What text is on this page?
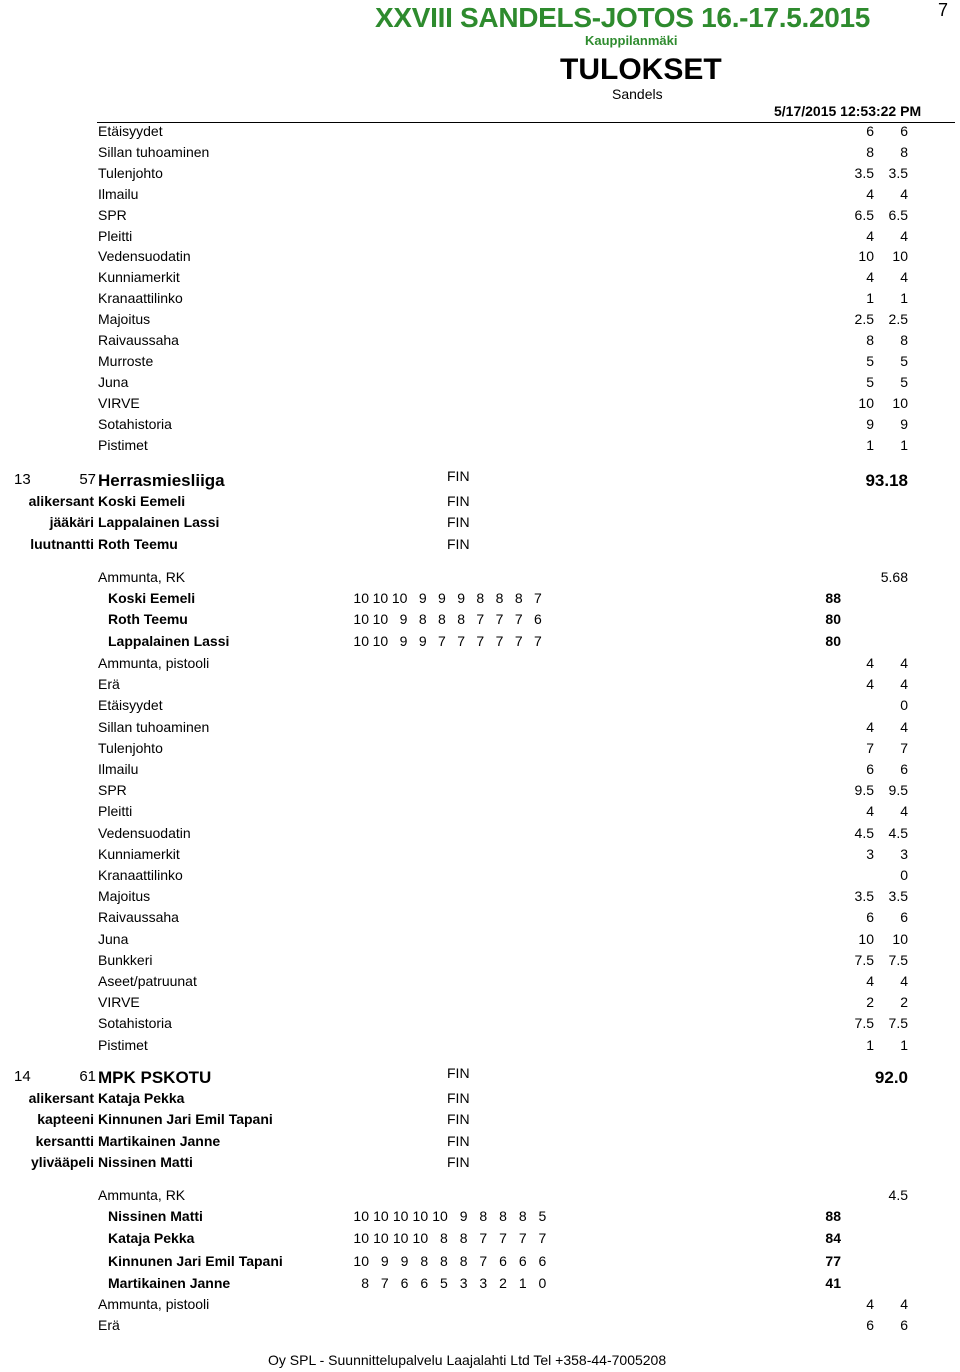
7
XXVIII SANDELS-JOTOS 16.-17.5.2015
Kauppilanmäki
TULOKSET
Sandels
5/17/2015 12:53:22 PM
Etäisyydet	6 6
Sillan tuhoaminen	8 8
Tulenjohto	3.5 3.5
Ilmailu	4 4
SPR	6.5 6.5
Pleitti	4 4
Vedensuodatin	10 10
Kunniamerkit	4 4
Kranaattilinko	1 1
Majoitus	2.5 2.5
Raivaussaha	8 8
Murroste	5 5
Juna	5 5
VIRVE	10 10
Sotahistoria	9 9
Pistimet	1 1
13	57 Herrasmiesliiga	FIN	93.18
alikersant Koski Eemeli	FIN
jääkäri Lappalainen Lassi	FIN
luutnantti Roth Teemu	FIN
Ammunta, RK	5.68
Koski Eemeli	10 10 10 9 9 9 8 8 8 7	88
Roth Teemu	10 10 9 8 8 8 7 7 7 6	80
Lappalainen Lassi	10 10 9 9 7 7 7 7 7 7	80
Ammunta, pistooli	4 4
Erä	4 4
Etäisyydet	0
Sillan tuhoaminen	4 4
Tulenjohto	7 7
Ilmailu	6 6
SPR	9.5 9.5
Pleitti	4 4
Vedensuodatin	4.5 4.5
Kunniamerkit	3 3
Kranaattilinko	0
Majoitus	3.5 3.5
Raivaussaha	6 6
Juna	10 10
Bunkkeri	7.5 7.5
Aseet/patruunat	4 4
VIRVE	2 2
Sotahistoria	7.5 7.5
Pistimet	1 1
14	61 MPK PSKOTU	FIN	92.0
alikersant Kataja Pekka	FIN
kapteeni Kinnunen Jari Emil Tapani	FIN
kersantti Martikainen Janne	FIN
ylivääpeli Nissinen Matti	FIN
Ammunta, RK	4.5
Nissinen Matti	10 10 10 10 10 9 8 8 8 5	88
Kataja Pekka	10 10 10 10 8 8 7 7 7 7	84
Kinnunen Jari Emil Tapani	10 9 9 8 8 8 7 6 6 6	77
Martikainen Janne	8 7 6 6 5 3 3 2 1 0	41
Ammunta, pistooli	4 4
Erä	6 6
Oy SPL - Suunnittelupalvelu Laajalahti Ltd Tel +358-44-7005208
